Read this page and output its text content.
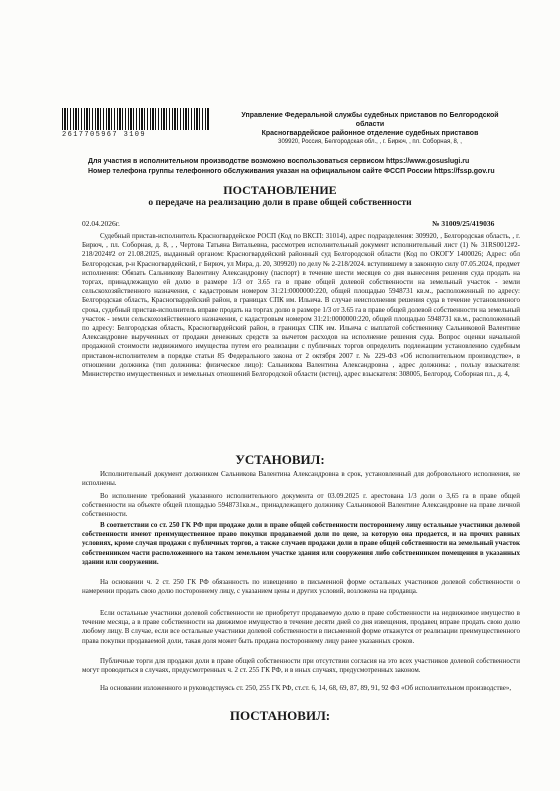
2617705967 3109
Управление Федеральной службы судебных приставов по Белгородской
области
Красногвардейское районное отделение судебных приставов
309920, Россия, Белгородская обл., , г. Бирюч, , пл. Соборная, 8, ,
Для участия в исполнительном производстве возможно воспользоваться сервисом https://www.gosuslugi.ru
Номер телефона группы телефонного обслуживания указан на официальном сайте ФССП России https://fssp.gov.ru
ПОСТАНОВЛЕНИЕ
о передаче на реализацию доли в праве общей собственности
02.04.2026г.	№ 31009/25/419036
Судебный пристав-исполнитель Красногвардейское РОСП (Код по ВКСП: 31014), адрес подразделения: 309920, , Белгородская область, , г. Бирюч, , пл. Соборная, д. 8, , , Чертова Татьяна Витальевна, рассмотрев исполнительный документ исполнительный лист (1) № 31RS0012#2-218/2024#2 от 21.08.2025, выданный органом: Красногвардейский районный суд Белгородской области (Код по ОКОГУ 1400026; Адрес: обл Белгородская, р-н Красногвардейский, г Бирюч, ул Мира, д. 20, 309920) по делу № 2-218/2024. вступившему в законную силу 07.05.2024, предмет исполнения: Обязать Сальникову Валентину Александровну (паспорт) в течение шести месяцев со дня вынесения решения суда продать на торгах, принадлежащую ей долю в размере 1/3 от 3.65 га в праве общей долевой собственности на земельный участок - земли сельскохозяйственного назначения, с кадастровым номером 31:21:0000000:220, общей площадью 5948731 кв.м., расположенный по адресу: Белгородская область, Красногвардейский район, в границах СПК им. Ильича. В случае неисполнения решения суда в течение установленного срока, судебный пристав-исполнитель вправе продать на торгах долю в размере 1/3 от 3.65 га в праве общей долевой собственности на земельный участок - земли сельскохозяйственного назначения, с кадастровым номером 31:21:0000000:220, общей площадью 5948731 кв.м., расположенный по адресу: Белгородская область, Красногвардейский район, в границах СПК им. Ильича с выплатой собственнику Сальниковой Валентине Александровне вырученных от продажи денежных средств за вычетом расходов на исполнение решения суда. Вопрос оценки начальной продажной стоимости недвижимого имущества путем его реализации с публичных торгов определить подлежащим установлению судебным приставом-исполнителем в порядке статьи 85 Федерального закона от 2 октября 2007 г. № 229-ФЗ «Об исполнительном производстве», в отношении должника (тип должника: физическое лицо): Сальникова Валентина Александровна , адрес должника: , пользу взыскателя: Министерство имущественных и земельных отношений Белгородской области (истец), адрес взыскателя: 308005, Белгород, Соборная пл., д. 4,
УСТАНОВИЛ:
Исполнительный документ должником Сальникова Валентина Александровна в срок, установленный для добровольного исполнения, не исполнены.
Во исполнение требований указанного исполнительного документа от 03.09.2025 г. арестована 1/3 доли о 3,65 га в праве общей собственности на объекте общей площадью 5948731кв.м., принадлежащего должнику Сальниковой Валентине Александровне на праве личной собственности.
В соответствии со ст. 250 ГК РФ при продаже доли в праве общей собственности постороннему лицу остальные участники долевой собственности имеют преимущественное право покупки продаваемой доли по цене, за которую она продается, и на прочих равных условиях, кроме случая продажи с публичных торгов, а также случаев продажи доли в праве общей собственности на земельный участок собственником части расположенного на таком земельном участке здания или сооружения либо собственником помещения в указанных здании или сооружении.
На основании ч. 2 ст. 250 ГК РФ обязанность по извещению в письменной форме остальных участников долевой собственности о намерении продать свою долю постороннему лицу, с указанием цены и других условий, возложена на продавца.
Если остальные участники долевой собственности не приобретут продаваемую долю в праве собственности на недвижимое имущество в течение месяца, а в праве собственности на движимое имущество в течение десяти дней со дня извещения, продавец вправе продать свою долю любому лицу. В случае, если все остальные участники долевой собственности в письменной форме откажутся от реализации преимущественного права покупки продаваемой доли, такая доля может быть продана постороннему лицу ранее указанных сроков.
Публичные торги для продажи доли в праве общей собственности при отсутствии согласия на это всех участников долевой собственности могут проводиться в случаях, предусмотренных ч. 2 ст. 255 ГК РФ, и в иных случаях, предусмотренных законом.
На основании изложенного и руководствуясь ст. 250, 255 ГК РФ, ст.ст. 6, 14, 68, 69, 87, 89, 91, 92 ФЗ «Об исполнительном производстве»,
ПОСТАНОВИЛ:
